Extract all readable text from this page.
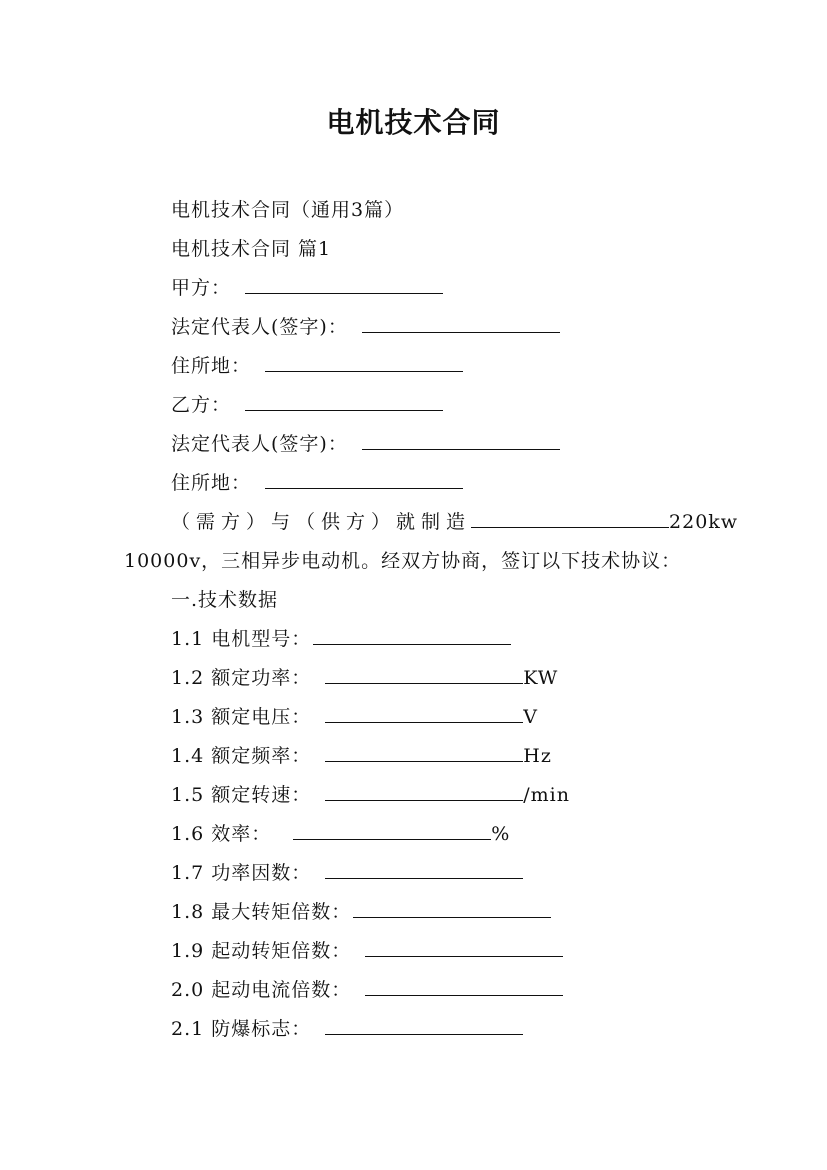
电机技术合同
电机技术合同（通用3篇）
电机技术合同 篇1
甲方：
法定代表人(签字)：
住所地：
乙方：
法定代表人(签字)：
住所地：
（需方）与（供方）就制造	220kw
10000v，三相异步电动机。经双方协商，签订以下技术协议：
一.技术数据
1.1 电机型号：
1.2 额定功率：	KW
1.3 额定电压：	V
1.4 额定频率：	Hz
1.5 额定转速：	/min
1.6 效率：	%
1.7 功率因数：
1.8 最大转矩倍数：
1.9 起动转矩倍数：
2.0 起动电流倍数：
2.1 防爆标志：
